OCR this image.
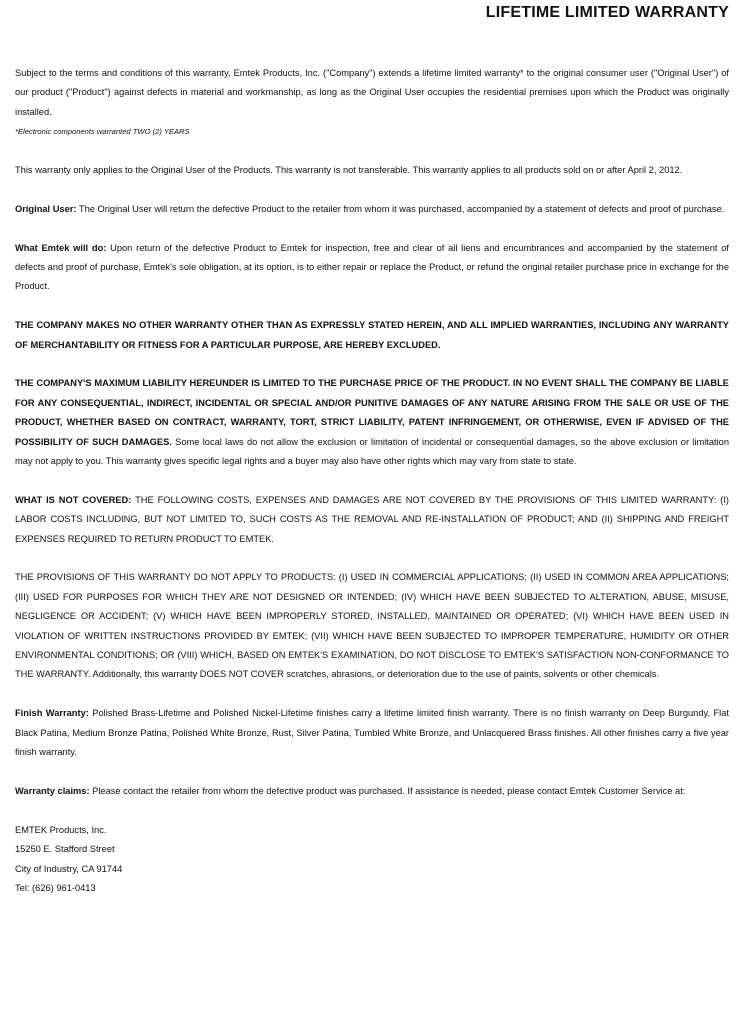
LIFETIME LIMITED WARRANTY

Subject to the terms and conditions of this warranty, Emtek Products, Inc. ("Company") extends a lifetime limited warranty* to the original consumer user ("Original User") of our product ("Product") against defects in material and workmanship, as long as the Original User occupies the residential premises upon which the Product was originally installed.

*Electronic components warranted TWO (2) YEARS

This warranty only applies to the Original User of the Products. This warranty is not transferable. This warranty applies to all products sold on or after April 2, 2012.

Original User: The Original User will return the defective Product to the retailer from whom it was purchased, accompanied by a statement of defects and proof of purchase.

What Emtek will do: Upon return of the defective Product to Emtek for inspection, free and clear of all liens and encumbrances and accompanied by the statement of defects and proof of purchase, Emtek's sole obligation, at its option, is to either repair or replace the Product, or refund the original retailer purchase price in exchange for the Product.

THE COMPANY MAKES NO OTHER WARRANTY OTHER THAN AS EXPRESSLY STATED HEREIN, AND ALL IMPLIED WARRANTIES, INCLUDING ANY WARRANTY OF MERCHANTABILITY OR FITNESS FOR A PARTICULAR PURPOSE, ARE HEREBY EXCLUDED.

THE COMPANY'S MAXIMUM LIABILITY HEREUNDER IS LIMITED TO THE PURCHASE PRICE OF THE PRODUCT. IN NO EVENT SHALL THE COMPANY BE LIABLE FOR ANY CONSEQUENTIAL, INDIRECT, INCIDENTAL OR SPECIAL AND/OR PUNITIVE DAMAGES OF ANY NATURE ARISING FROM THE SALE OR USE OF THE PRODUCT, WHETHER BASED ON CONTRACT, WARRANTY, TORT, STRICT LIABILITY, PATENT INFRINGEMENT, OR OTHERWISE, EVEN IF ADVISED OF THE POSSIBILITY OF SUCH DAMAGES. Some local laws do not allow the exclusion or limitation of incidental or consequential damages, so the above exclusion or limitation may not apply to you. This warranty gives specific legal rights and a buyer may also have other rights which may vary from state to state.

WHAT IS NOT COVERED: THE FOLLOWING COSTS, EXPENSES AND DAMAGES ARE NOT COVERED BY THE PROVISIONS OF THIS LIMITED WARRANTY: (I) LABOR COSTS INCLUDING, BUT NOT LIMITED TO, SUCH COSTS AS THE REMOVAL AND RE-INSTALLATION OF PRODUCT; AND (II) SHIPPING AND FREIGHT EXPENSES REQUIRED TO RETURN PRODUCT TO EMTEK.

THE PROVISIONS OF THIS WARRANTY DO NOT APPLY TO PRODUCTS: (I) USED IN COMMERCIAL APPLICATIONS; (II) USED IN COMMON AREA APPLICATIONS; (III) USED FOR PURPOSES FOR WHICH THEY ARE NOT DESIGNED OR INTENDED; (IV) WHICH HAVE BEEN SUBJECTED TO ALTERATION, ABUSE, MISUSE, NEGLIGENCE OR ACCIDENT; (V) WHICH HAVE BEEN IMPROPERLY STORED, INSTALLED, MAINTAINED OR OPERATED; (VI) WHICH HAVE BEEN USED IN VIOLATION OF WRITTEN INSTRUCTIONS PROVIDED BY EMTEK; (VII) WHICH HAVE BEEN SUBJECTED TO IMPROPER TEMPERATURE, HUMIDITY OR OTHER ENVIRONMENTAL CONDITIONS; OR (VIII) WHICH, BASED ON EMTEK'S EXAMINATION, DO NOT DISCLOSE TO EMTEK'S SATISFACTION NON-CONFORMANCE TO THE WARRANTY. Additionally, this warranty DOES NOT COVER scratches, abrasions, or deterioration due to the use of paints, solvents or other chemicals.

Finish Warranty: Polished Brass-Lifetime and Polished Nickel-Lifetime finishes carry a lifetime limited finish warranty. There is no finish warranty on Deep Burgundy, Flat Black Patina, Medium Bronze Patina, Polished White Bronze, Rust, Silver Patina, Tumbled White Bronze, and Unlacquered Brass finishes. All other finishes carry a five year finish warranty.

Warranty claims: Please contact the retailer from whom the defective product was purchased. If assistance is needed, please contact Emtek Customer Service at:

EMTEK Products, Inc.

15250 E. Stafford Street

City of Industry, CA 91744

Tel: (626) 961-0413
